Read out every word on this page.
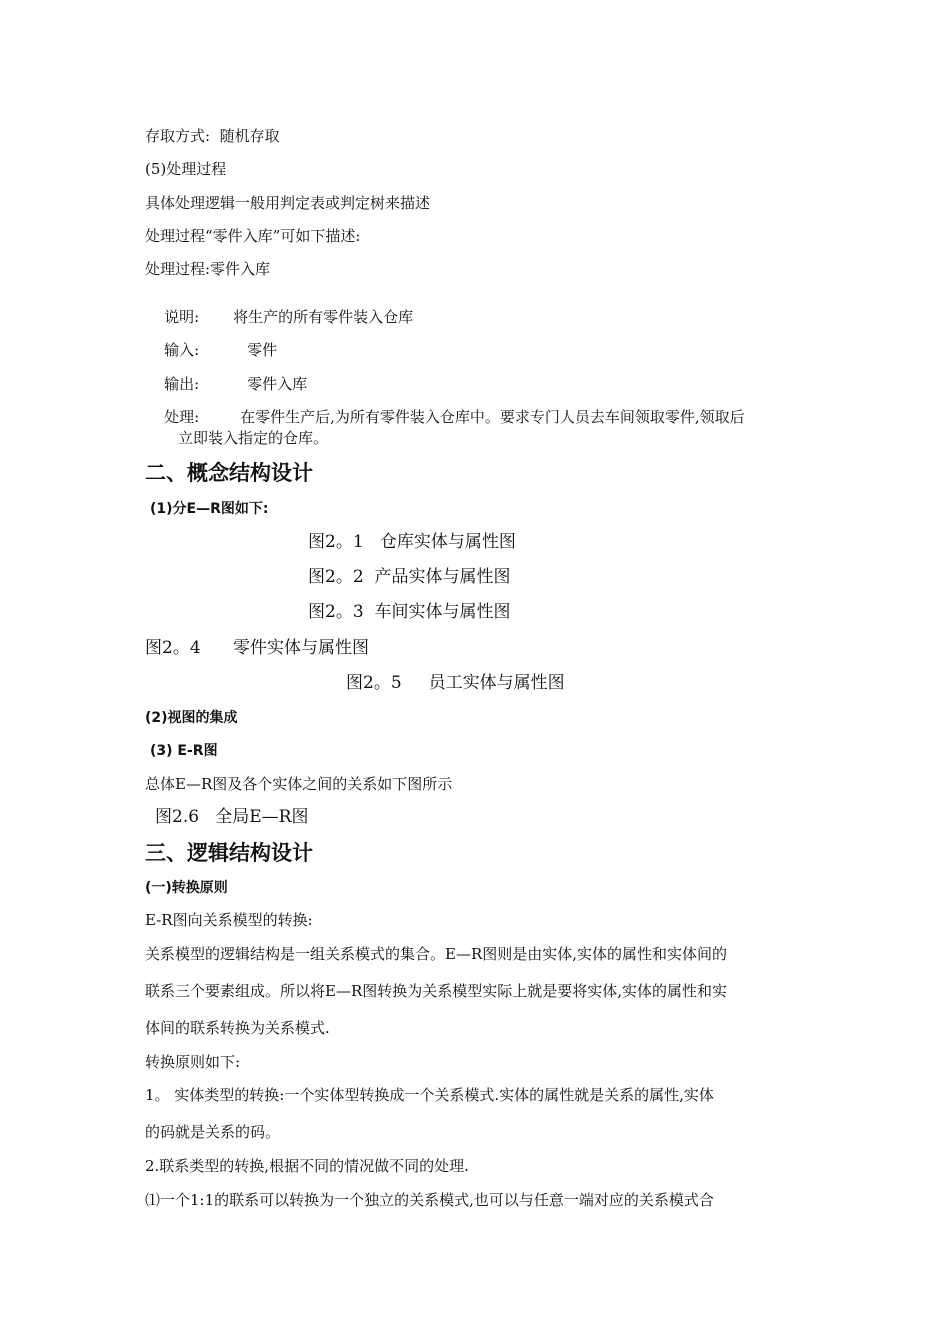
存取方式:  随机存取
(5)处理过程
具体处理逻辑一般用判定表或判定树来描述
处理过程“零件入库”可如下描述:
处理过程:零件入库

说明: 将生产的所有零件装入仓库

输入:	零件

输出:	零件入库

处理:	在零件生产后,为所有零件装入仓库中。要求专门人员去车间领取零件,领取后

立即装入指定的仓库。
二、概念结构设计
(1)分E—R图如下:
图2。1   仓库实体与属性图
图2。2  产品实体与属性图
图2。3  车间实体与属性图
图2。4      零件实体与属性图
图2。5     员工实体与属性图
(2)视图的集成
(3) E-R图
总体E—R图及各个实体之间的关系如下图所示
图2.6   全局E—R图
三、逻辑结构设计
(一)转换原则
E-R图向关系模型的转换:
关系模型的逻辑结构是一组关系模式的集合。E—R图则是由实体,实体的属性和实体间的
联系三个要素组成。所以将E—R图转换为关系模型实际上就是要将实体,实体的属性和实
体间的联系转换为关系模式.
转换原则如下:
1。 实体类型的转换:一个实体型转换成一个关系模式.实体的属性就是关系的属性,实体
的码就是关系的码。
2.联系类型的转换,根据不同的情况做不同的处理.
⑴一个1:1的联系可以转换为一个独立的关系模式,也可以与任意一端对应的关系模式合
